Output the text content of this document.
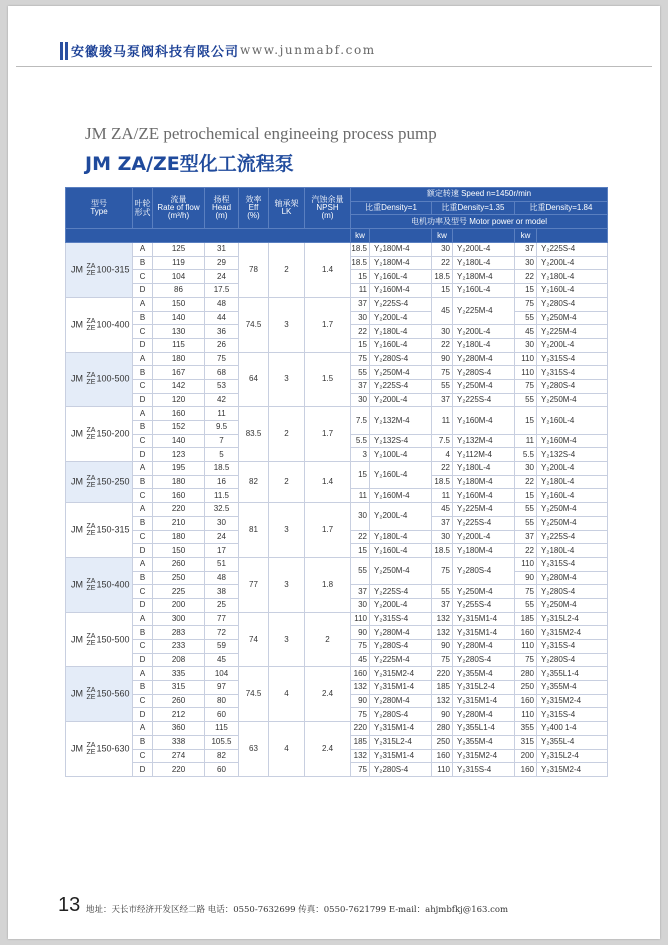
安徽骏马泵阀科技有限公司 www.junmabf.com
JM ZA/ZE petrochemical engineeing process pump
JM ZA/ZE型化工流程泵
13 地址：天长市经济开发区经二路 电话：0550-7632699 传真：0550-7621799 E-mail：ahjmbfkj@163.com
型号
Type	叶轮形式	流量
Rate of flow
(m³/h)	扬程
Head
(m)	效率
Eff
(%)	轴承架
LK	汽蚀余量
NPSH
(m)	额定转速 Speed n=1450r/min					
							比重Density=1		比重Density=1.35		比重Density=1.84	
							电机功率及型号 Motor power or model					
							kw		kw		kw	
JM ZA
ZE 100-315	A	125	31	78	2	1.4	18.5	Y₂180M-4	30	Y₂200L-4	37	Y₂225S-4
	B	119	29				18.5	Y₂180M-4	22	Y₂180L-4	30	Y₂200L-4
	C	104	24				15	Y₂160L-4	18.5	Y₂180M-4	22	Y₂180L-4
	D	86	17.5				11	Y₂160M-4	15	Y₂160L-4	15	Y₂160L-4
JM ZA
ZE 100-400	A	150	48	74.5	3	1.7	37	Y₂225S-4	45	Y₂225M-4	75	Y₂280S-4
	B	140	44				30	Y₂200L-4			55	Y₂250M-4
	C	130	36				22	Y₂180L-4	30	Y₂200L-4	45	Y₂225M-4
	D	115	26				15	Y₂160L-4	22	Y₂180L-4	30	Y₂200L-4
JM ZA
ZE 100-500	A	180	75	64	3	1.5	75	Y₂280S-4	90	Y₂280M-4	110	Y₂315S-4
	B	167	68				55	Y₂250M-4	75	Y₂280S-4	110	Y₂315S-4
	C	142	53				37	Y₂225S-4	55	Y₂250M-4	75	Y₂280S-4
	D	120	42				30	Y₂200L-4	37	Y₂225S-4	55	Y₂250M-4
JM ZA
ZE 150-200	A	160	11	83.5	2	1.7	7.5	Y₂132M-4	11	Y₂160M-4	15	Y₂160L-4
	B	152	9.5									
	C	140	7				5.5	Y₂132S-4	7.5	Y₂132M-4	11	Y₂160M-4
	D	123	5				3	Y₂100L-4	4	Y₂112M-4	5.5	Y₂132S-4
JM ZA
ZE 150-250	A	195	18.5	82	2	1.4	15	Y₂160L-4	22	Y₂180L-4	30	Y₂200L-4
	B	180	16						18.5	Y₂180M-4	22	Y₂180L-4
	C	160	11.5				11	Y₂160M-4	11	Y₂160M-4	15	Y₂160L-4
JM ZA
ZE 150-315	A	220	32.5	81	3	1.7	30	Y₂200L-4	45	Y₂225M-4	55	Y₂250M-4
	B	210	30						37	Y₂225S-4	55	Y₂250M-4
	C	180	24				22	Y₂180L-4	30	Y₂200L-4	37	Y₂225S-4
	D	150	17				15	Y₂160L-4	18.5	Y₂180M-4	22	Y₂180L-4
JM ZA
ZE 150-400	A	260	51	77	3	1.8	55	Y₂250M-4	75	Y₂280S-4	110	Y₂315S-4
	B	250	48								90	Y₂280M-4
	C	225	38				37	Y₂225S-4	55	Y₂250M-4	75	Y₂280S-4
	D	200	25				30	Y₂200L-4	37	Y₂255S-4	55	Y₂250M-4
JM ZA
ZE 150-500	A	300	77	74	3	2	110	Y₂315S-4	132	Y₂315M1-4	185	Y₂315L2-4
	B	283	72				90	Y₂280M-4	132	Y₂315M1-4	160	Y₂315M2-4
	C	233	59				75	Y₂280S-4	90	Y₂280M-4	110	Y₂315S-4
	D	208	45				45	Y₂225M-4	75	Y₂280S-4	75	Y₂280S-4
JM ZA
ZE 150-560	A	335	104	74.5	4	2.4	160	Y₂315M2-4	220	Y₂355M-4	280	Y₂355L1-4
	B	315	97				132	Y₂315M1-4	185	Y₂315L2-4	250	Y₂355M-4
	C	260	80				90	Y₂280M-4	132	Y₂315M1-4	160	Y₂315M2-4
	D	212	60				75	Y₂280S-4	90	Y₂280M-4	110	Y₂315S-4
JM ZA
ZE 150-630	A	360	115	63	4	2.4	220	Y₂315M1-4	280	Y₂355L1-4	355	Y₂400 1-4
	B	338	105.5				185	Y₂315L2-4	250	Y₂355M-4	315	Y₂355L-4
	C	274	82				132	Y₂315M1-4	160	Y₂315M2-4	200	Y₂315L2-4
	D	220	60				75	Y₂280S-4	110	Y₂315S-4	160	Y₂315M2-4
